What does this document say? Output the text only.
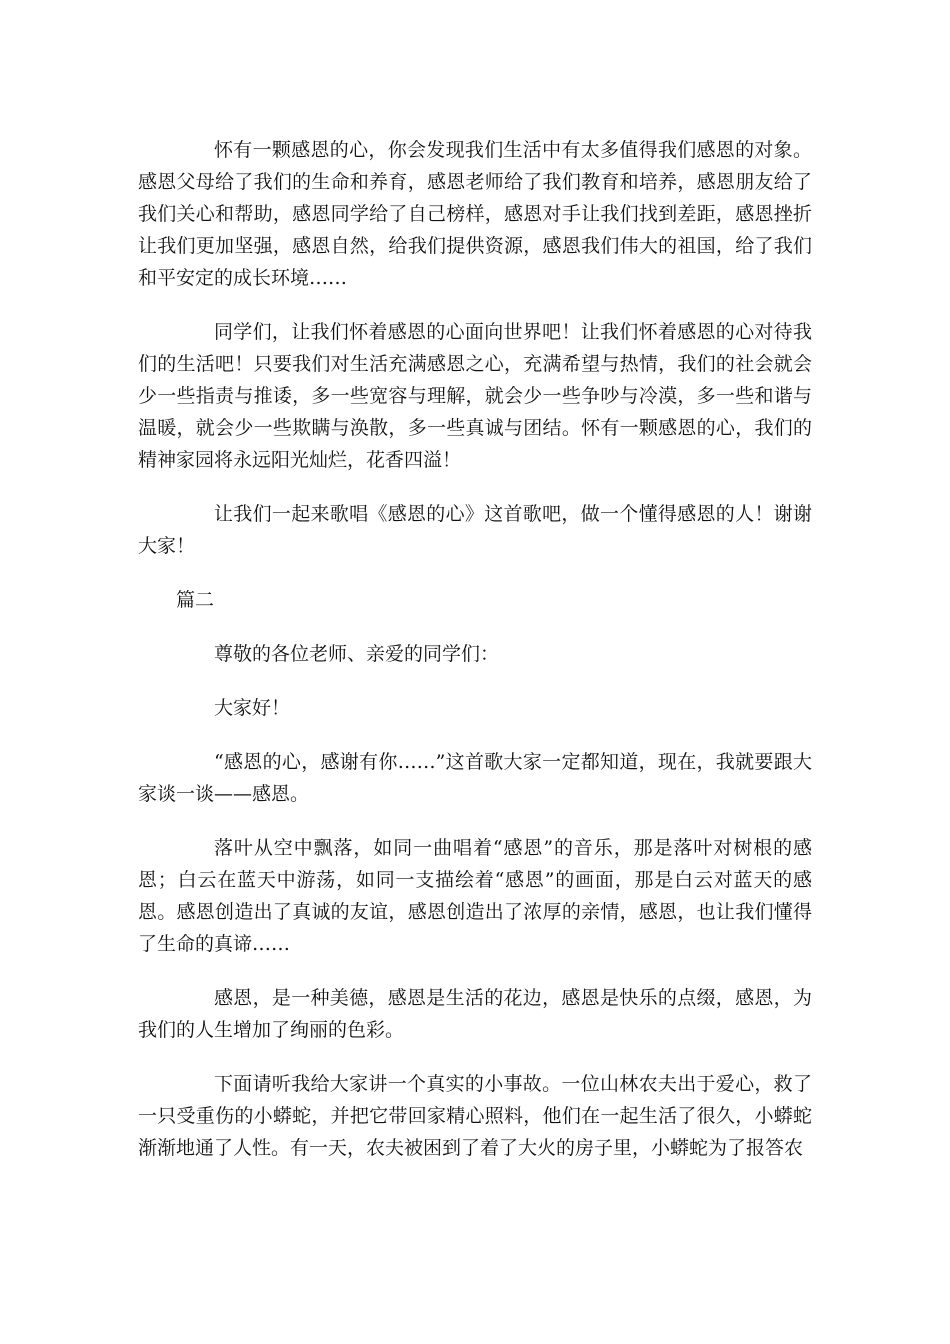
怀有一颗感恩的心，你会发现我们生活中有太多值得我们感恩的对象。感恩父母给了我们的生命和养育，感恩老师给了我们教育和培养，感恩朋友给了我们关心和帮助，感恩同学给了自己榜样，感恩对手让我们找到差距，感恩挫折让我们更加坚强，感恩自然，给我们提供资源，感恩我们伟大的祖国，给了我们和平安定的成长环境……

同学们，让我们怀着感恩的心面向世界吧！让我们怀着感恩的心对待我们的生活吧！只要我们对生活充满感恩之心，充满希望与热情，我们的社会就会少一些指责与推诿，多一些宽容与理解，就会少一些争吵与冷漠，多一些和谐与温暖，就会少一些欺瞒与涣散，多一些真诚与团结。怀有一颗感恩的心，我们的精神家园将永远阳光灿烂，花香四溢！

让我们一起来歌唱《感恩的心》这首歌吧，做一个懂得感恩的人！谢谢大家！

篇二

尊敬的各位老师、亲爱的同学们：

大家好！

“感恩的心，感谢有你……”这首歌大家一定都知道，现在，我就要跟大家谈一谈——感恩。

落叶从空中飘落，如同一曲唱着“感恩”的音乐，那是落叶对树根的感恩；白云在蓝天中游荡，如同一支描绘着“感恩”的画面，那是白云对蓝天的感恩。感恩创造出了真诚的友谊，感恩创造出了浓厚的亲情，感恩，也让我们懂得了生命的真谛……

感恩，是一种美德，感恩是生活的花边，感恩是快乐的点缀，感恩，为我们的人生增加了绚丽的色彩。

下面请听我给大家讲一个真实的小事故。一位山林农夫出于爱心，救了一只受重伤的小蟒蛇，并把它带回家精心照料，他们在一起生活了很久，小蟒蛇渐渐地通了人性。有一天，农夫被困到了着了大火的房子里，小蟒蛇为了报答农
